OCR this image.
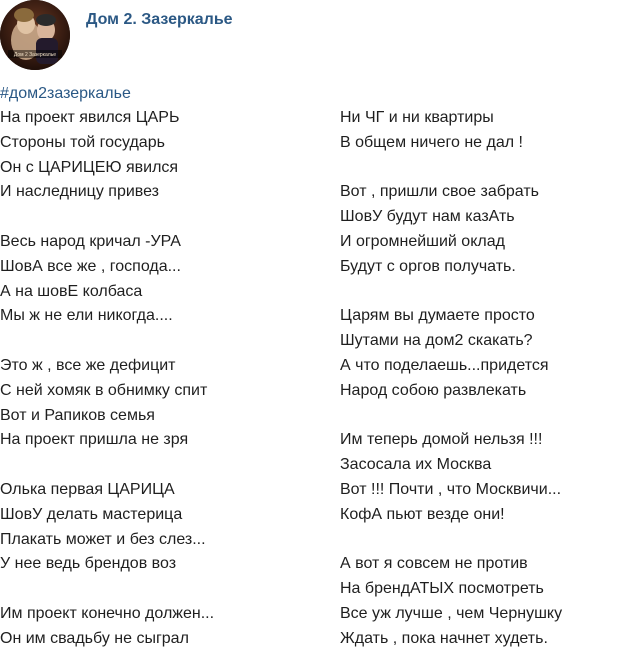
Дом 2 Зазеркалье
Дом 2. Зазеркалье
#дом2зазеркалье
На проект явился ЦАРЬ
Стороны той государь
Он с ЦАРИЦЕЮ явился
И наследницу привез
Весь народ кричал -УРА
ШовА все же , господа...
А на шовЕ колбаса
Мы ж не ели никогда....
Это ж , все же дефицит
С ней хомяк в обнимку спит
Вот и Рапиков семья
На проект пришла не зря
Олька первая ЦАРИЦА
ШовУ делать мастерица
Плакать может и без слез...
У нее ведь брендов воз
Им проект конечно должен...
Он им свадьбу не сыграл
Ни ЧГ и ни квартиры
В общем ничего не дал !
Вот , пришли свое забрать
ШовУ будут нам казАть
И огромнейший оклад
Будут с оргов получать.
Царям вы думаете просто
Шутами на дом2 скакать?
А что поделаешь...придется
Народ собою развлекать
Им теперь домой нельзя !!!
Засосала их Москва
Вот !!! Почти , что Москвичи...
КофА пьют везде они!
А вот я совсем не против
На брендАТЫХ посмотреть
Все уж лучше , чем Чернушку
Ждать , пока начнет худеть.
